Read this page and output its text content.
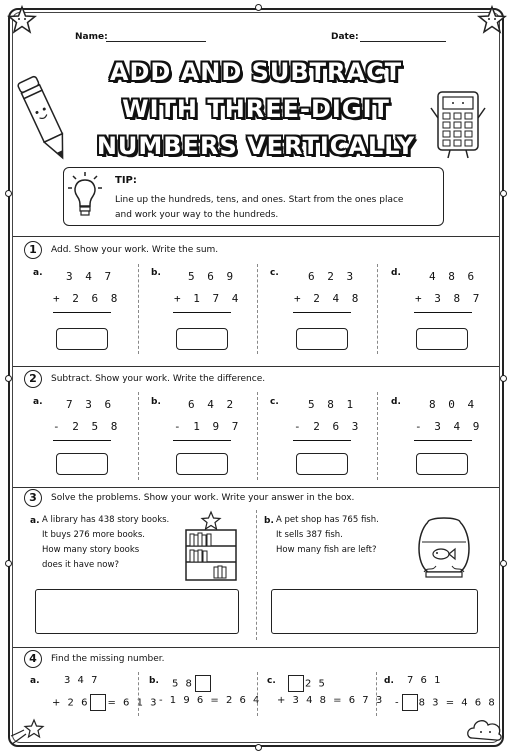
Name:	Date:
ADD AND SUBTRACT
WITH THREE-DIGIT
NUMBERS VERTICALLY
TIP:
Line up the hundreds, tens, and ones. Start from the ones place and work your way to the hundreds.
1	Add. Show your work. Write the sum.
a. 3 4 7
+ 2 6 8
b. 5 6 9
+ 1 7 4
c.	6 2 3
+ 2 4 8
d.	4 8 6
+ 3 8 7
2	Subtract. Show your work. Write the difference.
a. 7 3 6
- 2 5 8
b. 6 4 2
- 1 9 7
c.	5 8 1
- 2 6 3
d.	8 0 4
- 3 4 9
3	Solve the problems. Show your work. Write your answer in the box.
a. A library has 438 story books.
It buys 276 more books.
How many story books
does it have now?
b. A pet shop has 765 fish.
It sells 387 fish.
How many fish are left?
4	Find the missing number.
a. 3 4 7
+ 2 6 = 6 1 3
b. 5 8
- 1 9 6 = 2 6 4
c.	2 5
+ 3 4 8 = 6 7 3
d. 7 6 1
- 8 3 = 4 6 8
